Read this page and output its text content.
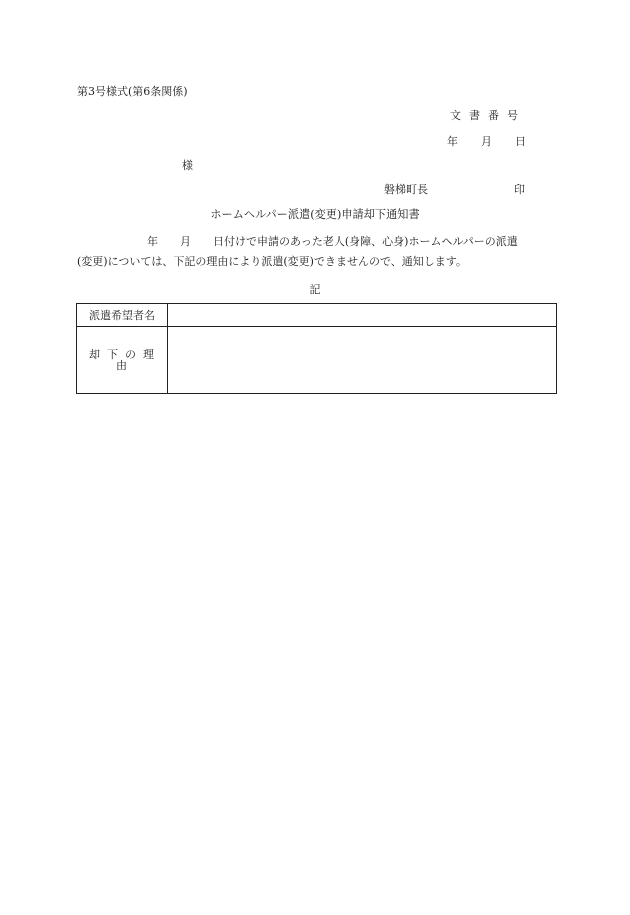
第3号様式(第6条関係)
文書番号
年 月 日
様
磐梯町長	印
ホームヘルパー派遣(変更)申請却下通知書
年 月 日付けで申請のあった老人(身障、心身)ホームヘルパーの派遣
(変更)については、下記の理由により派遣(変更)できませんので、通知します。
記
派遣希望者名	
却下の理由	
